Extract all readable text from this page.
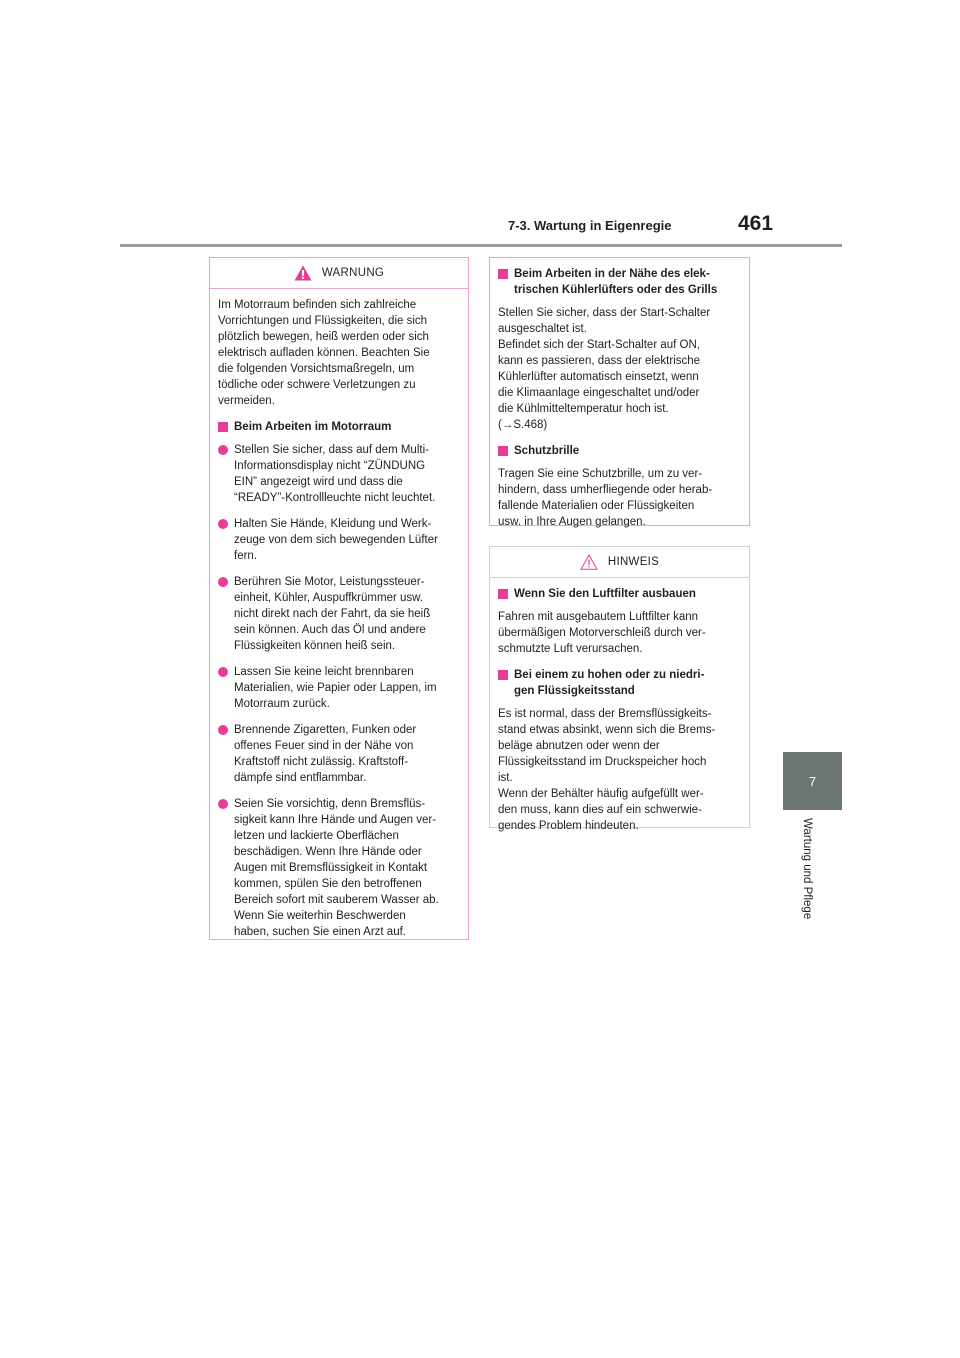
7-3. Wartung in Eigenregie	461
7
Wartung und Pflege
WARNUNG
Im Motorraum befinden sich zahlreiche
Vorrichtungen und Flüssigkeiten, die sich
plötzlich bewegen, heiß werden oder sich
elektrisch aufladen können. Beachten Sie
die folgenden Vorsichtsmaßregeln, um
tödliche oder schwere Verletzungen zu
vermeiden.
Beim Arbeiten im Motorraum
Stellen Sie sicher, dass auf dem Multi-
Informationsdisplay nicht “ZÜNDUNG
EIN” angezeigt wird und dass die
“READY”-Kontrollleuchte nicht leuchtet.
Halten Sie Hände, Kleidung und Werk-
zeuge von dem sich bewegenden Lüfter
fern.
Berühren Sie Motor, Leistungssteuer-
einheit, Kühler, Auspuffkrümmer usw.
nicht direkt nach der Fahrt, da sie heiß
sein können. Auch das Öl und andere
Flüssigkeiten können heiß sein.
Lassen Sie keine leicht brennbaren
Materialien, wie Papier oder Lappen, im
Motorraum zurück.
Brennende Zigaretten, Funken oder
offenes Feuer sind in der Nähe von
Kraftstoff nicht zulässig. Kraftstoff-
dämpfe sind entflammbar.
Seien Sie vorsichtig, denn Bremsflüs-
sigkeit kann Ihre Hände und Augen ver-
letzen und lackierte Oberflächen
beschädigen. Wenn Ihre Hände oder
Augen mit Bremsflüssigkeit in Kontakt
kommen, spülen Sie den betroffenen
Bereich sofort mit sauberem Wasser ab.
Wenn Sie weiterhin Beschwerden
haben, suchen Sie einen Arzt auf.
Beim Arbeiten in der Nähe des elek-
trischen Kühlerlüfters oder des Grills
Stellen Sie sicher, dass der Start-Schalter
ausgeschaltet ist.
Befindet sich der Start-Schalter auf ON,
kann es passieren, dass der elektrische
Kühlerlüfter automatisch einsetzt, wenn
die Klimaanlage eingeschaltet und/oder
die Kühlmitteltemperatur hoch ist.
(→S.468)
Schutzbrille
Tragen Sie eine Schutzbrille, um zu ver-
hindern, dass umherfliegende oder herab-
fallende Materialien oder Flüssigkeiten
usw. in Ihre Augen gelangen.
HINWEIS
Wenn Sie den Luftfilter ausbauen
Fahren mit ausgebautem Luftfilter kann
übermäßigen Motorverschleiß durch ver-
schmutzte Luft verursachen.
Bei einem zu hohen oder zu niedri-
gen Flüssigkeitsstand
Es ist normal, dass der Bremsflüssigkeits-
stand etwas absinkt, wenn sich die Brems-
beläge abnutzen oder wenn der
Flüssigkeitsstand im Druckspeicher hoch
ist.
Wenn der Behälter häufig aufgefüllt wer-
den muss, kann dies auf ein schwerwie-
gendes Problem hindeuten.
